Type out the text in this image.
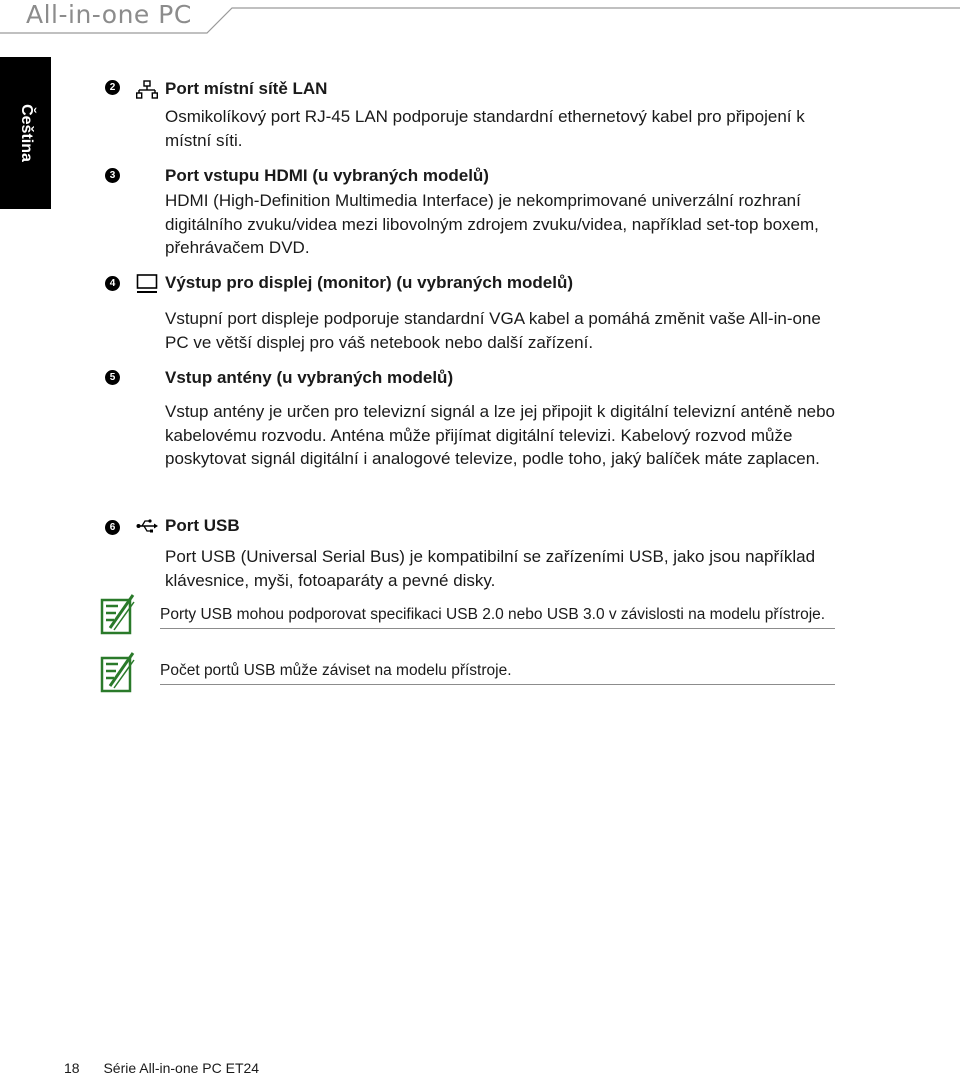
All-in-one PC
Čeština
2	Port místní sítě LAN
Osmikolíkový port RJ-45 LAN podporuje standardní ethernetový kabel pro připojení k místní síti.
3	Port vstupu HDMI (u vybraných modelů)
HDMI (High-Definition Multimedia Interface) je nekomprimované univerzální rozhraní digitálního zvuku/videa mezi libovolným zdrojem zvuku/videa, například set-top boxem, přehrávačem DVD.
4	Výstup pro displej (monitor) (u vybraných modelů)
Vstupní port displeje podporuje standardní VGA kabel a pomáhá změnit vaše All-in-one PC ve větší displej pro váš netebook nebo další zařízení.
5	Vstup antény (u vybraných modelů)
Vstup antény je určen pro televizní signál a lze jej připojit k digitální televizní anténě nebo kabelovému rozvodu. Anténa může přijímat digitální televizi. Kabelový rozvod může poskytovat signál digitální i analogové televize, podle toho, jaký balíček máte zaplacen.
6	Port USB
Port USB (Universal Serial Bus) je kompatibilní se zařízeními USB, jako jsou například klávesnice, myši, fotoaparáty a pevné disky.
Porty USB mohou podporovat specifikaci USB 2.0 nebo USB 3.0 v závislosti na modelu přístroje.
Počet portů USB může záviset na modelu přístroje.
18 Série All-in-one PC ET24
